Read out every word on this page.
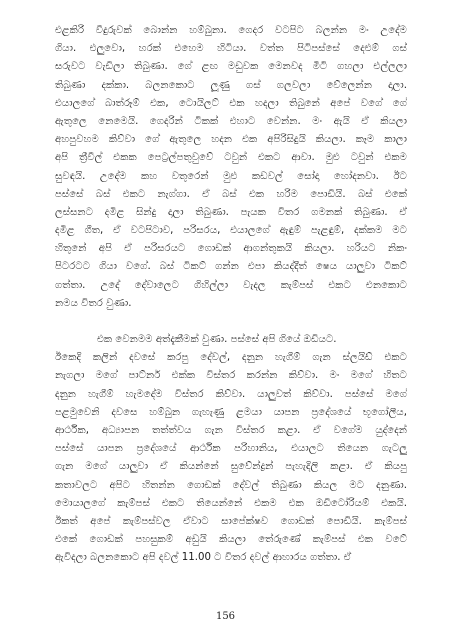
එළකිරි වීදුරුවක් බොන්න හම්බුනා. ගෙදර වටපිට බලන්න මං උදේම
ගියා. එලුවො, හරක් එහෙම හිටියා. වත්ත පිටිපස්සේ දෙළුම් ගස්
සරුවට වැඩිලා තිබුණා. ගේ ළඟ මඩුවක මෙනවද මීටි ගහලා එල්ලලා
තිබුණා දක්කා. බලනකොට ලූණු ගස් ගලවලා වේලෙන්න දාලා.
එයාලගේ බාත්රූම් එක, ටොයිලට් එක හදලා තිබුනේ අපේ වගේ ගේ
ඇතුලෙ නෙමෙයි. ගෙදරින් ටිකක් එහාට වෙන්න. මං ඇයි ඒ කියලා
අහපුවහම කිව්වා ගේ ඇතුලෙ හදන එක අපිරිසිදුයි කියලා. කෑම කාලා
අපි ත්‍රීවීල් එකක පෙට්‍රල්පතුවුවේ ටවුන් එකට ආවා. මුළු ටවුන් එකම
සුවඳයි. උදේම කහ වතුරෙන් මුළු කඩවල් සෝදා හෝදනවා. ඊට
පස්සේ බස් එකට නැග්ගා. ඒ බස් එක හරිම පොඩියි. බස් එකේ
ලස්සනට දමිළ සින්දු දාලා තිබුණා. පැයක විතර ගමනක් තිබුණා. ඒ
දමිළ ගීත, ඒ වටපිටාව, පරිසරය, එයාලගේ ඇඳුම් පැළඳුම්, දක්කම මට
හිතුනේ අපි ඒ පරිසරයට ගොඩක් ආගන්තුකයි කියලා. හරියට නිකං
පිටරටට ගියා වගේ. බස් ටිකට් ගන්න එපා කියද්දීත් ෂෙය යාලුවා ටිකට්
ගත්තා. උදේ දේවාලෙට ගිහිල්ලා වැදල කැම්පස් එකට එනකොට
නමය විතර වුණා.
එක වෙනමම අත්දැකීමක් වුණා. පස්සේ අපි ගියේ ඔඩියට.
ඊකෙදි කලින් දවසේ කරපු දේවල්, දනුන හැගීම් ගැන ස්ලයිඩ් එකට
නැගලා මගේ පාට්නර් එක්ක විස්තර කරන්න කිව්වා. මං මගේ හිතට
දනුන හැගීම් හැමදේම විස්තර කිව්වා. යාලුවත් කිව්වා. පස්සේ මගේ
පළමුවෙනි දවසෙ හම්බුන ගැහැණු ළමයා යාපන ප්‍රදේශයේ භූගෝලීය,
ආර්ථික, අධ්‍යාපන තත්ත්වය ගැන විස්තර කළා. ඒ වගේම යුද්දෙන්
පස්සේ යාපන ප්‍රදේශයේ ආර්ථික පරිහානිය, එයාලට තියෙන ගැටලු
ගැන මගේ යාලුවා ඒ කියන්නේ සුවේන්ද්‍රන් පැහැදිලි කළා. ඒ කියපු
කතාවලට අපිට හිතන්න ගොඩක් දේවල් තිබුණා කියල මට දනුණා.
මොයාලගේ කැම්පස් එකට තියෙන්නේ එකම එක ඔඩිටෝරියම් එකයි.
ඊකත් අපේ කැම්පස්වල ඒවාට සාපේක්ෂව ගොඩක් පොඩියි. කැම්පස්
එකේ ගොඩක් පහසුකම් අඩුයි කියලා තේරුණේ කැම්පස් එක වටේ
ඇවිදලා බලනකොට අපි දවල් 11.00 ට විතර දවල් ආහාරය ගත්තා. ඒ
156
